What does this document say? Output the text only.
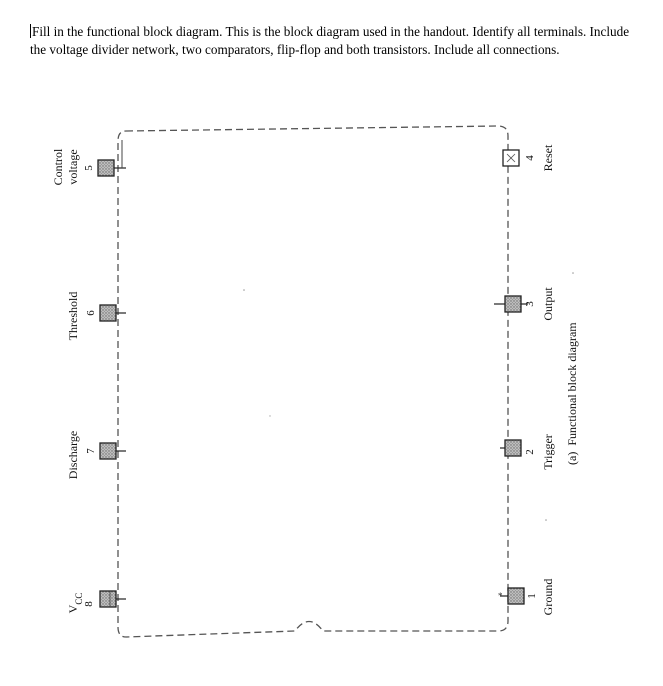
Fill in the functional block diagram. This is the block diagram used in the handout. Identify all terminals. Include the voltage divider network, two comparators, flip-flop and both transistors. Include all connections.
8
$V_{CC}$
7
Discharge
6
Threshold
5
voltage
Control
* 1 Ground
2 Trigger
3 Output
4 Reset
(a)Functional block diagram
